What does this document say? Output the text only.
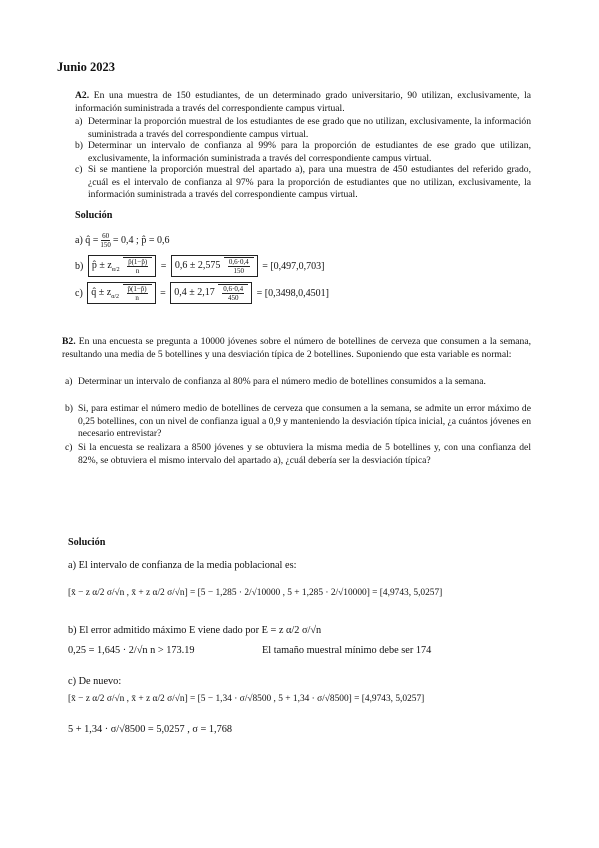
Junio 2023
A2. En una muestra de 150 estudiantes, de un determinado grado universitario, 90 utilizan, exclusivamente, la información suministrada a través del correspondiente campus virtual.
a) Determinar la proporción muestral de los estudiantes de ese grado que no utilizan, exclusivamente, la información suministrada a través del correspondiente campus virtual.
b) Determinar un intervalo de confianza al 99% para la proporción de estudiantes de ese grado que utilizan, exclusivamente, la información suministrada a través del correspondiente campus virtual.
c) Si se mantiene la proporción muestral del apartado a), para una muestra de 450 estudiantes del referido grado, ¿cuál es el intervalo de confianza al 97% para la proporción de estudiantes que no utilizan, exclusivamente, la información suministrada a través del correspondiente campus virtual.
Solución
a)
q̂ = $\frac{60}{150} = 0,4$ ; p̂ = 0,6
b)
p̂ ± $z_{\alpha/2} \frac{p̂(1-p̂)}{n} = 0,6 \pm 2,575 \frac{0,6\cdot 0,4}{150}$
= [0,497,0,703]
c)
q̂ ± $z_{\alpha/2} \frac{p̂(1-p̂)}{n} = 0,4 \pm 2,17 \frac{0,6\cdot 0,4}{450}$
= [0,3498,0,4501]
B2. En una encuesta se pregunta a 10000 jóvenes sobre el número de botellines de cerveza que consumen a la semana, resultando una media de 5 botellines y una desviación típica de 2 botellines. Suponiendo que esta variable es normal:
a) Determinar un intervalo de confianza al 80% para el número medio de botellines consumidos a la semana.
b) Si, para estimar el número medio de botellines de cerveza que consumen a la semana, se admite un error máximo de 0,25 botellines, con un nivel de confianza igual a 0,9 y manteniendo la desviación típica inicial, ¿a cuántos jóvenes en necesario entrevistar?
c) Si la encuesta se realizara a 8500 jóvenes y se obtuviera la misma media de 5 botellines y, con una confianza del 82%, se obtuviera el mismo intervalo del apartado a), ¿cuál debería ser la desviación típica?
Solución
a) El intervalo de confianza de la media poblacional es:
[x̄ − z α/2 σ/√n , x̄ + z α/2 σ/√n] = [5 − 1,285 · 2/√10000 , 5 + 1,285 · 2/√10000] = [4,9743, 5,0257]
b) El error admitido máximo E viene dado por E = z α/2 σ/√n
0,25 = 1,645 · 2/√n n > 173.19	El tamaño muestral mínimo debe ser 174
c) De nuevo:
[x̄ − z α/2 σ/√n , x̄ + z α/2 σ/√n] = [5 − 1,34 · σ/√8500 , 5 + 1,34 · σ/√8500] = [4,9743, 5,0257]
5 + 1,34 · σ/√8500 = 5,0257 , σ = 1,768
